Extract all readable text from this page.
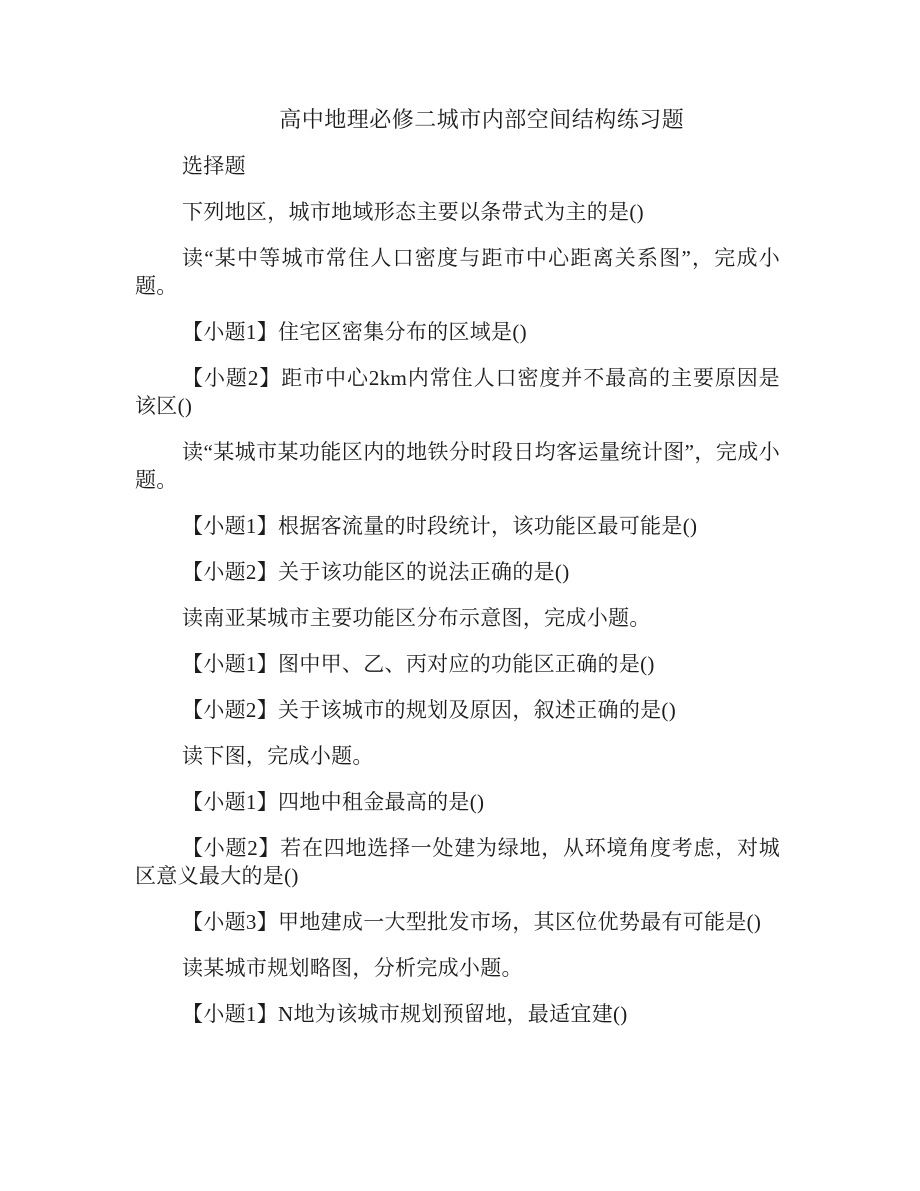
高中地理必修二城市内部空间结构练习题

选择题

下列地区，城市地域形态主要以条带式为主的是()

读“某中等城市常住人口密度与距市中心距离关系图”，完成小题。

【小题1】住宅区密集分布的区域是()

【小题2】距市中心2km内常住人口密度并不最高的主要原因是该区()

读“某城市某功能区内的地铁分时段日均客运量统计图”，完成小题。

【小题1】根据客流量的时段统计，该功能区最可能是()

【小题2】关于该功能区的说法正确的是()

读南亚某城市主要功能区分布示意图，完成小题。

【小题1】图中甲、乙、丙对应的功能区正确的是()

【小题2】关于该城市的规划及原因，叙述正确的是()

读下图，完成小题。

【小题1】四地中租金最高的是()

【小题2】若在四地选择一处建为绿地，从环境角度考虑，对城区意义最大的是()

【小题3】甲地建成一大型批发市场，其区位优势最有可能是()

读某城市规划略图，分析完成小题。

【小题1】N地为该城市规划预留地，最适宜建()
